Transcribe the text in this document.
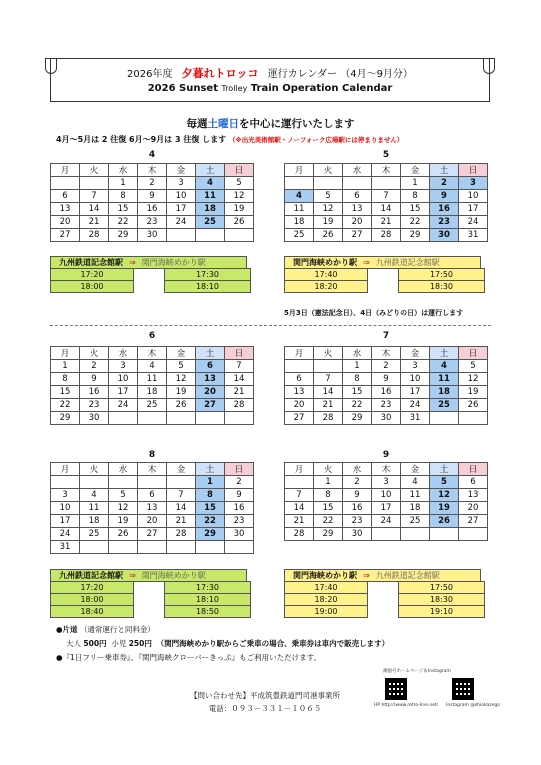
2026年度 夕暮れトロッコ 運行カレンダー （4月～9月分）
2026 Sunset Trolley Train Operation Calendar
毎週土曜日を中心に運行いたします
4月～5月は 2 往復 6月～9月は 3 往復 します （※出光美術館駅・ノーフォーク広場駅には停まりません）
4	5
月	火	水	木	金	土	日
		1	2	3	4	5
6	7	8	9	10	11	12
13	14	15	16	17	18	19
20	21	22	23	24	25	26
27	28	29	30			
月	火	水	木	金	土	日
				1	2	3
4	5	6	7	8	9	10
11	12	13	14	15	16	17
18	19	20	21	22	23	24
25	26	27	28	29	30	31
九州鉄道記念館駅 ⇒ 関門海峡めかり駅
17:20		17:30
18:00		18:10
関門海峡めかり駅 ⇒ 九州鉄道記念館駅
17:40		17:50
18:20		18:30
5月3日（憲法記念日）、4日（みどりの日）は運行します
6	7
月	火	水	木	金	土	日
1	2	3	4	5	6	7
8	9	10	11	12	13	14
15	16	17	18	19	20	21
22	23	24	25	26	27	28
29	30					
月	火	水	木	金	土	日
		1	2	3	4	5
6	7	8	9	10	11	12
13	14	15	16	17	18	19
20	21	22	23	24	25	26
27	28	29	30	31		
8	9
月	火	水	木	金	土	日
					1	2
3	4	5	6	7	8	9
10	11	12	13	14	15	16
17	18	19	20	21	22	23
24	25	26	27	28	29	30
31						
月	火	水	木	金	土	日
	1	2	3	4	5	6
7	8	9	10	11	12	13
14	15	16	17	18	19	20
21	22	23	24	25	26	27
28	29	30				
九州鉄道記念館駅 ⇒ 関門海峡めかり駅
17:20		17:30
18:00		18:10
18:40		18:50
関門海峡めかり駅 ⇒ 九州鉄道記念館駅
17:40		17:50
18:20		18:30
19:00		19:10
●片道 （通常運行と同料金）
大人 500円 小児 250円 （関門海峡めかり駅からご乗車の場合、乗車券は車内で販売します）
●『1日フリー乗車券』、『関門海峡クローバーきっぷ』もご利用いただけます。
【問い合わせ先】平成筑豊鉄道門司港事業所
電話：０９３－３３１－１０６５
潮風号ホームページ＆Instagram
HP http://www.retro-line.net/ Instagram @shiokazego
